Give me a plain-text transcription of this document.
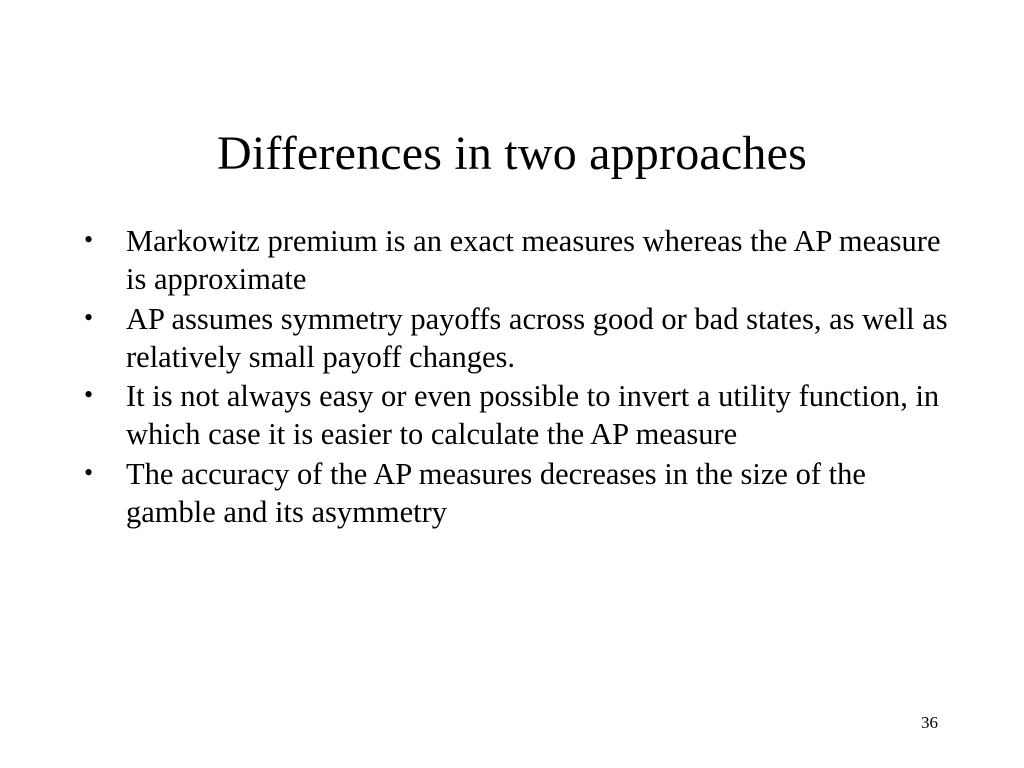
Differences in two approaches
•	Markowitz premium is an exact measures whereas the AP measure is approximate
•	AP assumes symmetry payoffs across good or bad states, as well as relatively small payoff changes.
•	It is not always easy or even possible to invert a utility function, in which case it is easier to calculate the AP measure
•	The accuracy of the AP measures decreases in the size of the gamble and its asymmetry
36
